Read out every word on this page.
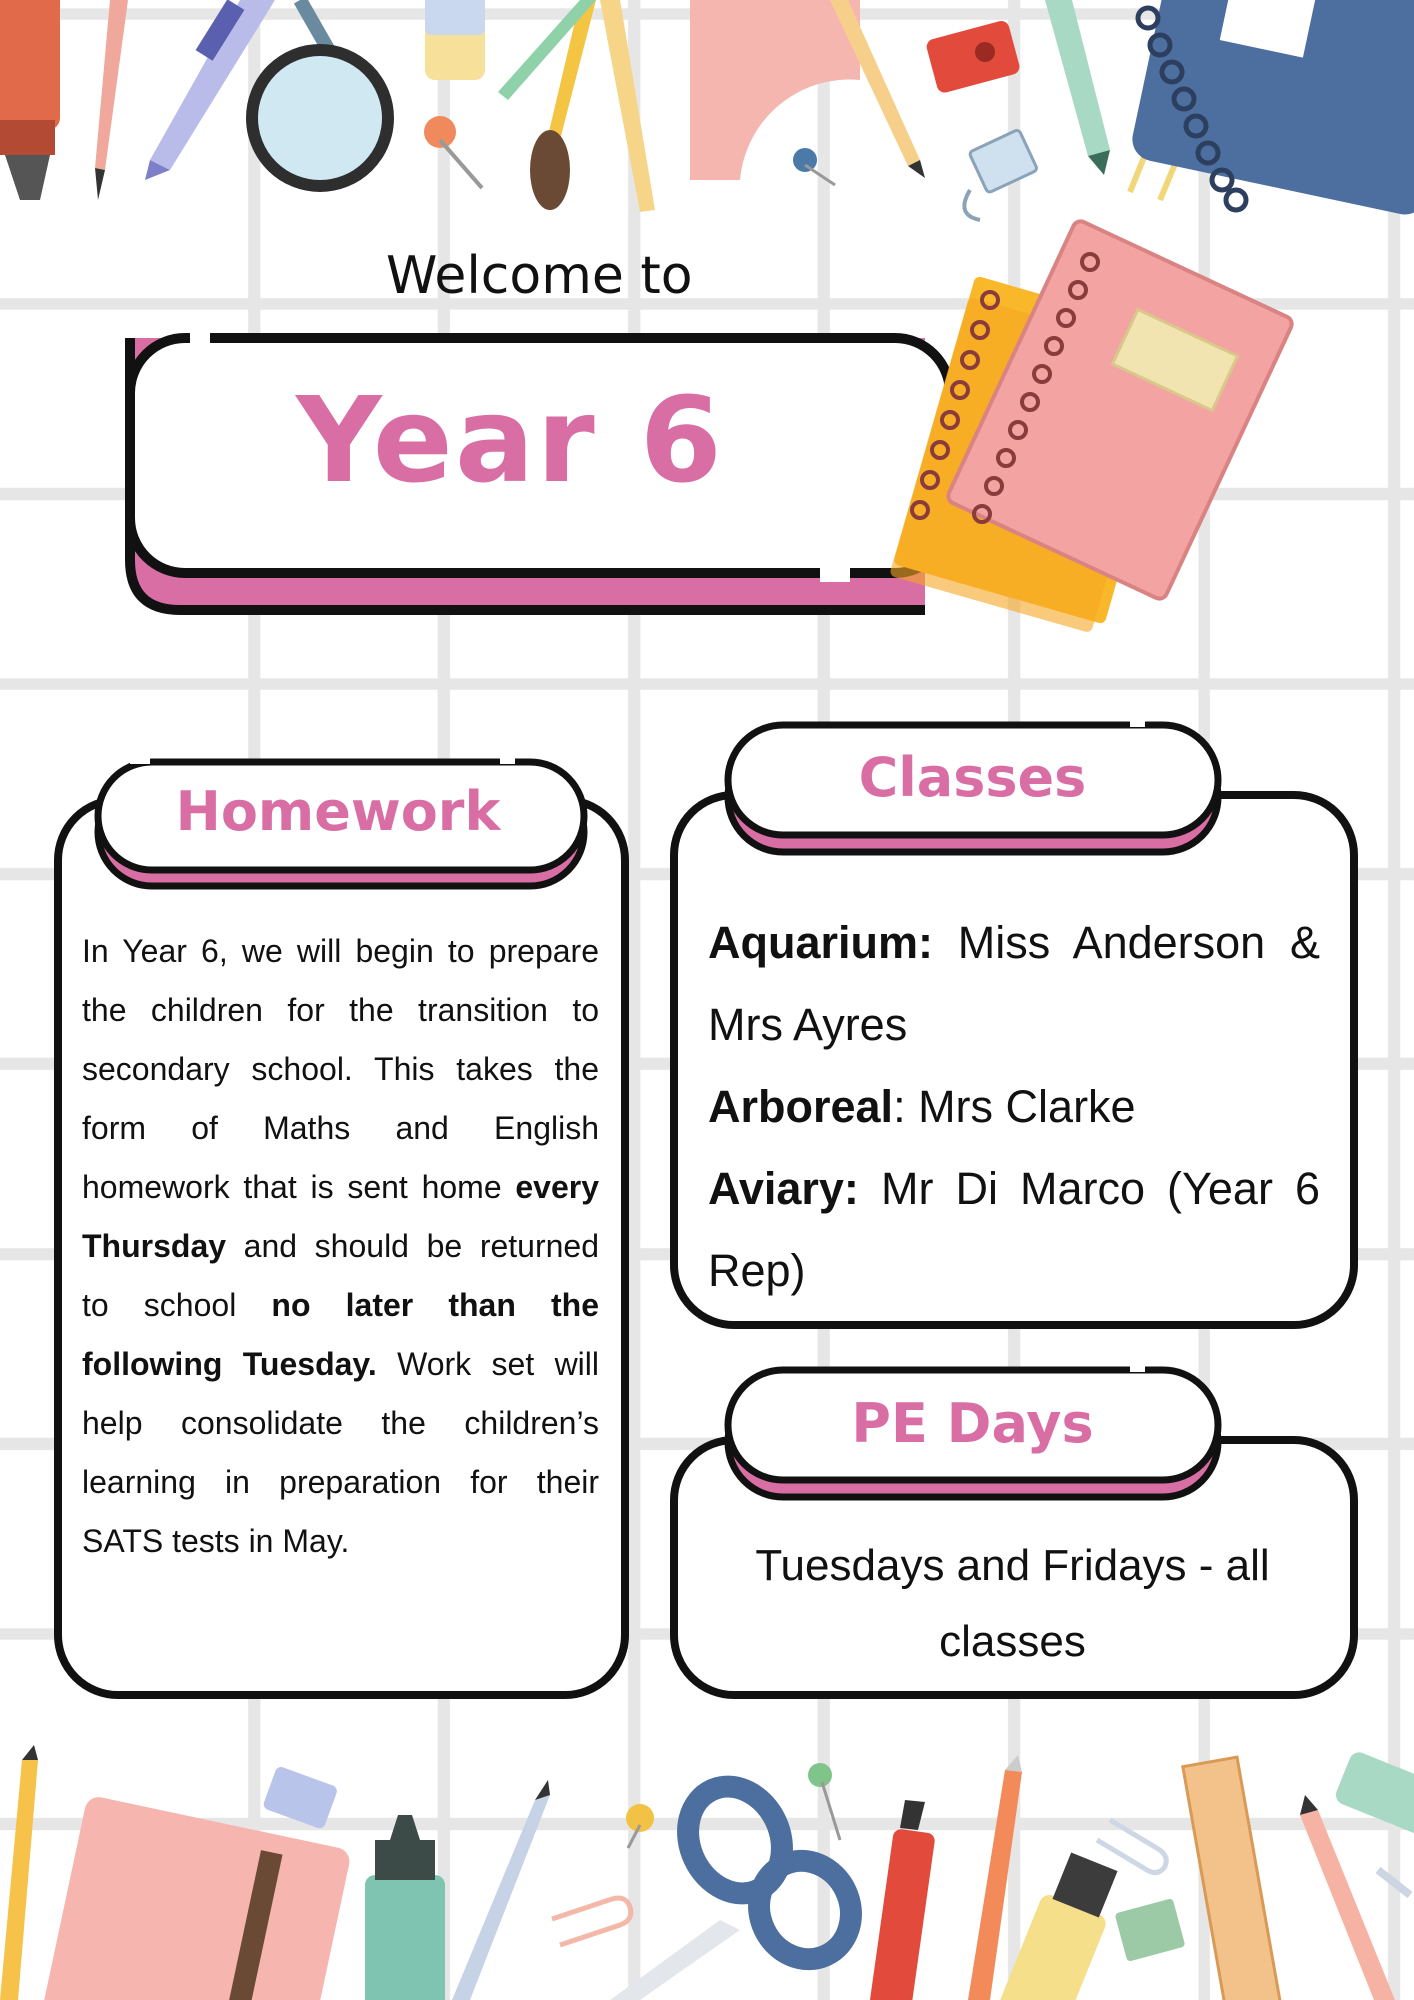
Welcome to
Year 6
Homework

In Year 6, we will begin to prepare the children for the transition to secondary school. This takes the form of Maths and English homework that is sent home every Thursday and should be returned to school no later than the following Tuesday. Work set will help consolidate the children’s learning in preparation for their SATS tests in May.

Classes

Aquarium: Miss Anderson & Mrs Ayres

Arboreal: Mrs Clarke

Aviary: Mr Di Marco (Year 6 Rep)

PE Days
Tuesdays and Fridays - all classes
